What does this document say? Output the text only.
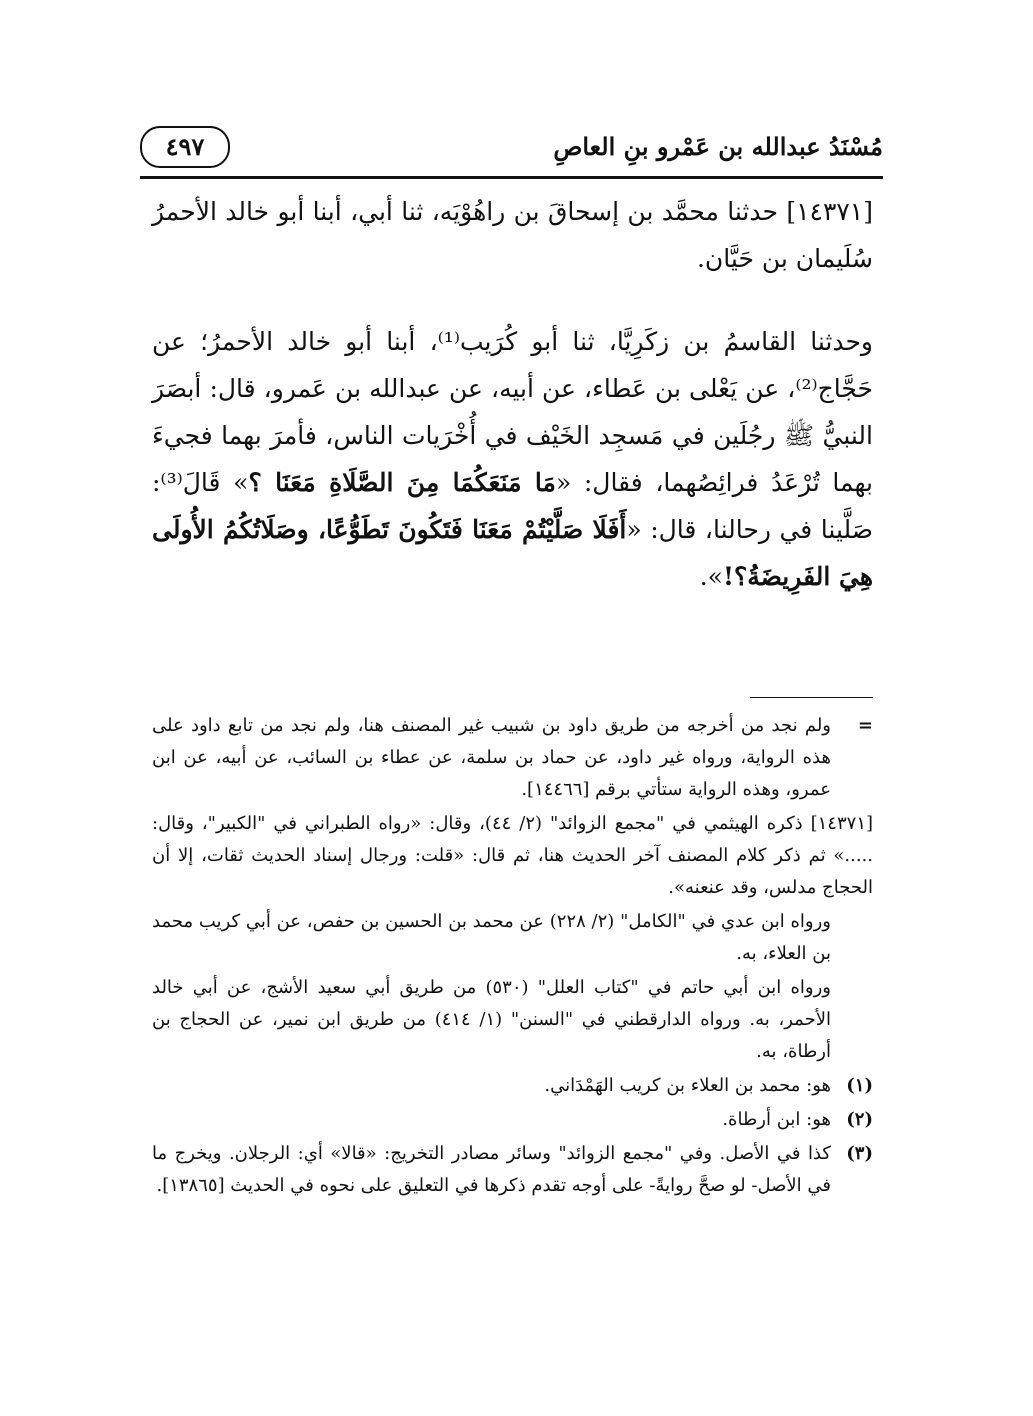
مُسْنَدُ عبدالله بن عَمْرو بنِ العاصِ
٤٩٧

[١٤٣٧١] حدثنا محمَّد بن إسحاقَ بن راهُوْيَه، ثنا أبي، أبنا أبو خالد الأحمرُ سُلَيمان بن حَيَّان.

وحدثنا القاسمُ بن زكَرِيَّا، ثنا أبو كُرَيب⁽¹⁾، أبنا أبو خالد الأحمرُ؛ عن حَجَّاج⁽²⁾، عن يَعْلى بن عَطاء، عن أبيه، عن عبدالله بن عَمرو، قال: أبصَرَ النبيُّ ﷺ رجُلَين في مَسجِد الخَيْف في أُخْرَيات الناس، فأمرَ بهما فجيءَ بهما تُرْعَدُ فرائِصُهما، فقال: «مَا مَنَعَكُمَا مِنَ الصَّلَاةِ مَعَنَا ؟» قَالَ⁽³⁾: صَلَّينا في رحالنا، قال: «أَفَلَا صَلَّيْتُمْ مَعَنَا فَتَكُونَ تَطَوُّعًا، وصَلَاتُكُمُ الأُولَى هِيَ الفَرِيضَةُ؟!».

=
ولم نجد من أخرجه من طريق داود بن شبيب غير المصنف هنا، ولم نجد من تابع داود على هذه الرواية، ورواه غير داود، عن حماد بن سلمة، عن عطاء بن السائب، عن أبيه، عن ابن عمرو، وهذه الرواية ستأتي برقم [١٤٤٦٦].
[١٤٣٧١] ذكره الهيثمي في "مجمع الزوائد" (٢/ ٤٤)، وقال: «رواه الطبراني في "الكبير"، وقال: .....» ثم ذكر كلام المصنف آخر الحديث هنا، ثم قال: «قلت: ورجال إسناد الحديث ثقات، إلا أن الحجاج مدلس، وقد عنعنه».
ورواه ابن عدي في "الكامل" (٢/ ٢٢٨) عن محمد بن الحسين بن حفص، عن أبي كريب محمد بن العلاء، به.
ورواه ابن أبي حاتم في "كتاب العلل" (٥٣٠) من طريق أبي سعيد الأشج، عن أبي خالد الأحمر، به. ورواه الدارقطني في "السنن" (١/ ٤١٤) من طريق ابن نمير، عن الحجاج بن أرطاة، به.
(١)
هو: محمد بن العلاء بن كريب الهَمْدَاني.
(٢)
هو: ابن أرطاة.
(٣)
كذا في الأصل. وفي "مجمع الزوائد" وسائر مصادر التخريج: «قالا» أي: الرجلان. ويخرج ما في الأصل- لو صحَّ روايةً- على أوجه تقدم ذكرها في التعليق على نحوه في الحديث [١٣٨٦٥].
